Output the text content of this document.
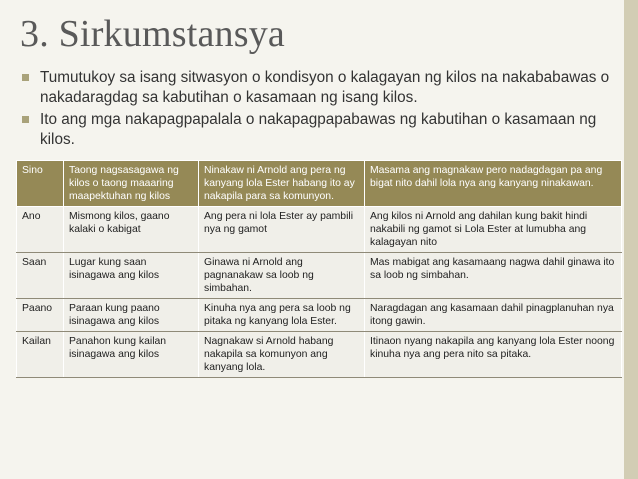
3. Sirkumstansya
Tumutukoy sa isang sitwasyon o kondisyon o kalagayan ng kilos na nakababawas o nakadaragdag sa kabutihan o kasamaan ng isang kilos.
Ito ang mga nakapagpapalala o nakapagpapabawas ng kabutihan o kasamaan ng kilos.
Sino	Taong nagsasagawa ng kilos o taong maaaring maapektuhan ng kilos	Ninakaw ni Arnold ang pera ng kanyang lola Ester habang ito ay nakapila para sa komunyon.	Masama ang magnakaw pero nadagdagan pa ang bigat nito dahil lola nya ang kanyang ninakawan.
Ano	Mismong kilos, gaano kalaki o kabigat	Ang pera ni lola Ester ay pambili nya ng gamot	Ang kilos ni Arnold ang dahilan kung bakit hindi nakabili ng gamot si Lola Ester at lumubha ang kalagayan nito
Saan	Lugar kung saan isinagawa ang kilos	Ginawa ni Arnold ang pagnanakaw sa loob ng simbahan.	Mas mabigat ang kasamaang nagwa dahil ginawa ito sa loob ng simbahan.
Paano	Paraan kung paano isinagawa ang kilos	Kinuha nya ang pera sa loob ng pitaka ng kanyang lola Ester.	Naragdagan ang kasamaan dahil pinagplanuhan nya itong gawin.
Kailan	Panahon kung kailan isinagawa ang kilos	Nagnakaw si Arnold habang nakapila sa komunyon ang kanyang lola.	Itinaon nyang nakapila ang kanyang lola Ester noong kinuha nya ang pera nito sa pitaka.
